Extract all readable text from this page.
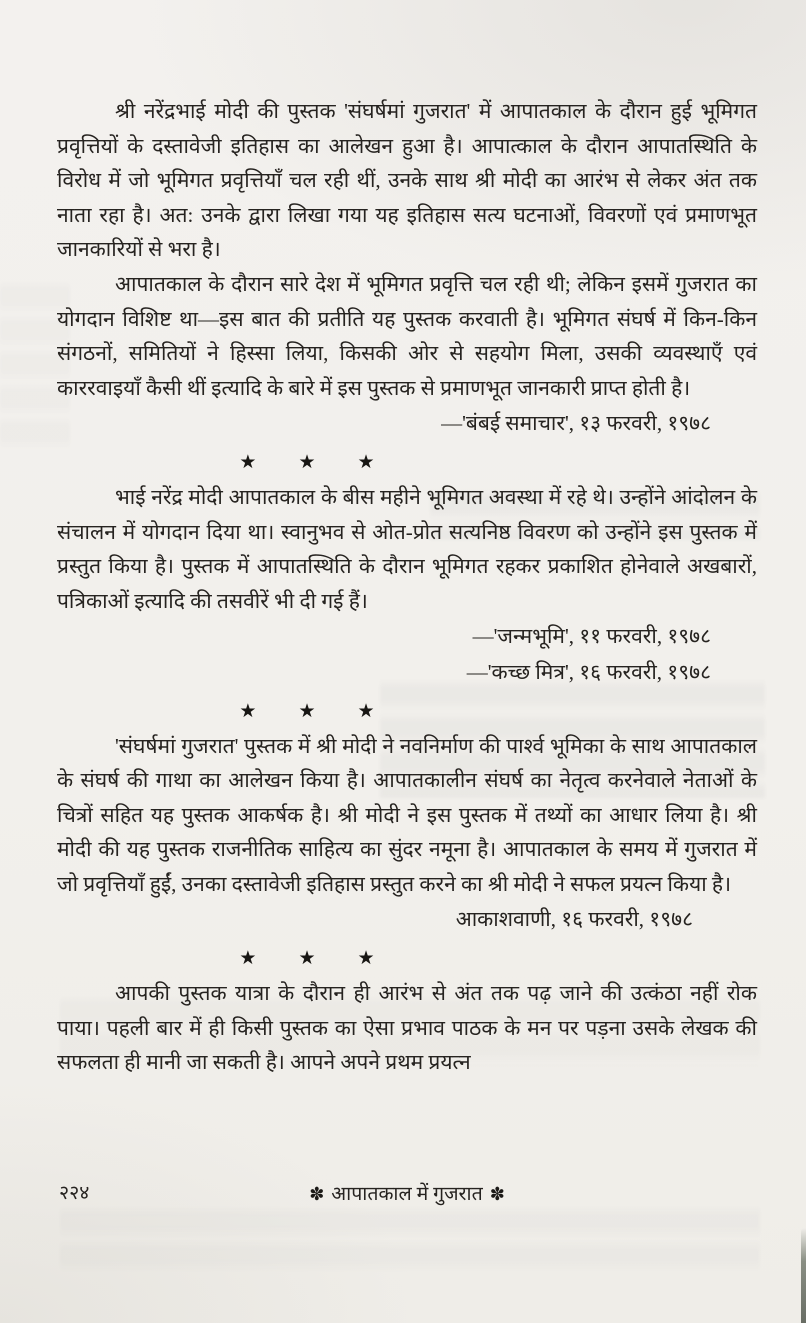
श्री नरेंद्रभाई मोदी की पुस्तक 'संघर्षमां गुजरात' में आपातकाल के दौरान हुई भूमिगत प्रवृत्तियों के दस्तावेजी इतिहास का आलेखन हुआ है। आपात्काल के दौरान आपातस्थिति के विरोध में जो भूमिगत प्रवृत्तियाँ चल रही थीं, उनके साथ श्री मोदी का आरंभ से लेकर अंत तक नाता रहा है। अत: उनके द्वारा लिखा गया यह इतिहास सत्य घटनाओं, विवरणों एवं प्रमाणभूत जानकारियों से भरा है।

आपातकाल के दौरान सारे देश में भूमिगत प्रवृत्ति चल रही थी; लेकिन इसमें गुजरात का योगदान विशिष्ट था—इस बात की प्रतीति यह पुस्तक करवाती है। भूमिगत संघर्ष में किन-किन संगठनों, समितियों ने हिस्सा लिया, किसकी ओर से सहयोग मिला, उसकी व्यवस्थाएँ एवं काररवाइयाँ कैसी थीं इत्यादि के बारे में इस पुस्तक से प्रमाणभूत जानकारी प्राप्त होती है।

—'बंबई समाचार', १३ फरवरी, १९७८
★ ★ ★

भाई नरेंद्र मोदी आपातकाल के बीस महीने भूमिगत अवस्था में रहे थे। उन्होंने आंदोलन के संचालन में योगदान दिया था। स्वानुभव से ओत-प्रोत सत्यनिष्ठ विवरण को उन्होंने इस पुस्तक में प्रस्तुत किया है। पुस्तक में आपातस्थिति के दौरान भूमिगत रहकर प्रकाशित होनेवाले अखबारों, पत्रिकाओं इत्यादि की तसवीरें भी दी गई हैं।

—'जन्मभूमि', ११ फरवरी, १९७८
—'कच्छ मित्र', १६ फरवरी, १९७८
★ ★ ★

'संघर्षमां गुजरात' पुस्तक में श्री मोदी ने नवनिर्माण की पार्श्व भूमिका के साथ आपातकाल के संघर्ष की गाथा का आलेखन किया है। आपातकालीन संघर्ष का नेतृत्व करनेवाले नेताओं के चित्रों सहित यह पुस्तक आकर्षक है। श्री मोदी ने इस पुस्तक में तथ्यों का आधार लिया है। श्री मोदी की यह पुस्तक राजनीतिक साहित्य का सुंदर नमूना है। आपातकाल के समय में गुजरात में जो प्रवृत्तियाँ हुईं, उनका दस्तावेजी इतिहास प्रस्तुत करने का श्री मोदी ने सफल प्रयत्न किया है।

आकाशवाणी, १६ फरवरी, १९७८
★ ★ ★

आपकी पुस्तक यात्रा के दौरान ही आरंभ से अंत तक पढ़ जाने की उत्कंठा नहीं रोक पाया। पहली बार में ही किसी पुस्तक का ऐसा प्रभाव पाठक के मन पर पड़ना उसके लेखक की सफलता ही मानी जा सकती है। आपने अपने प्रथम प्रयत्न

२२४	✽ आपातकाल में गुजरात ✽
